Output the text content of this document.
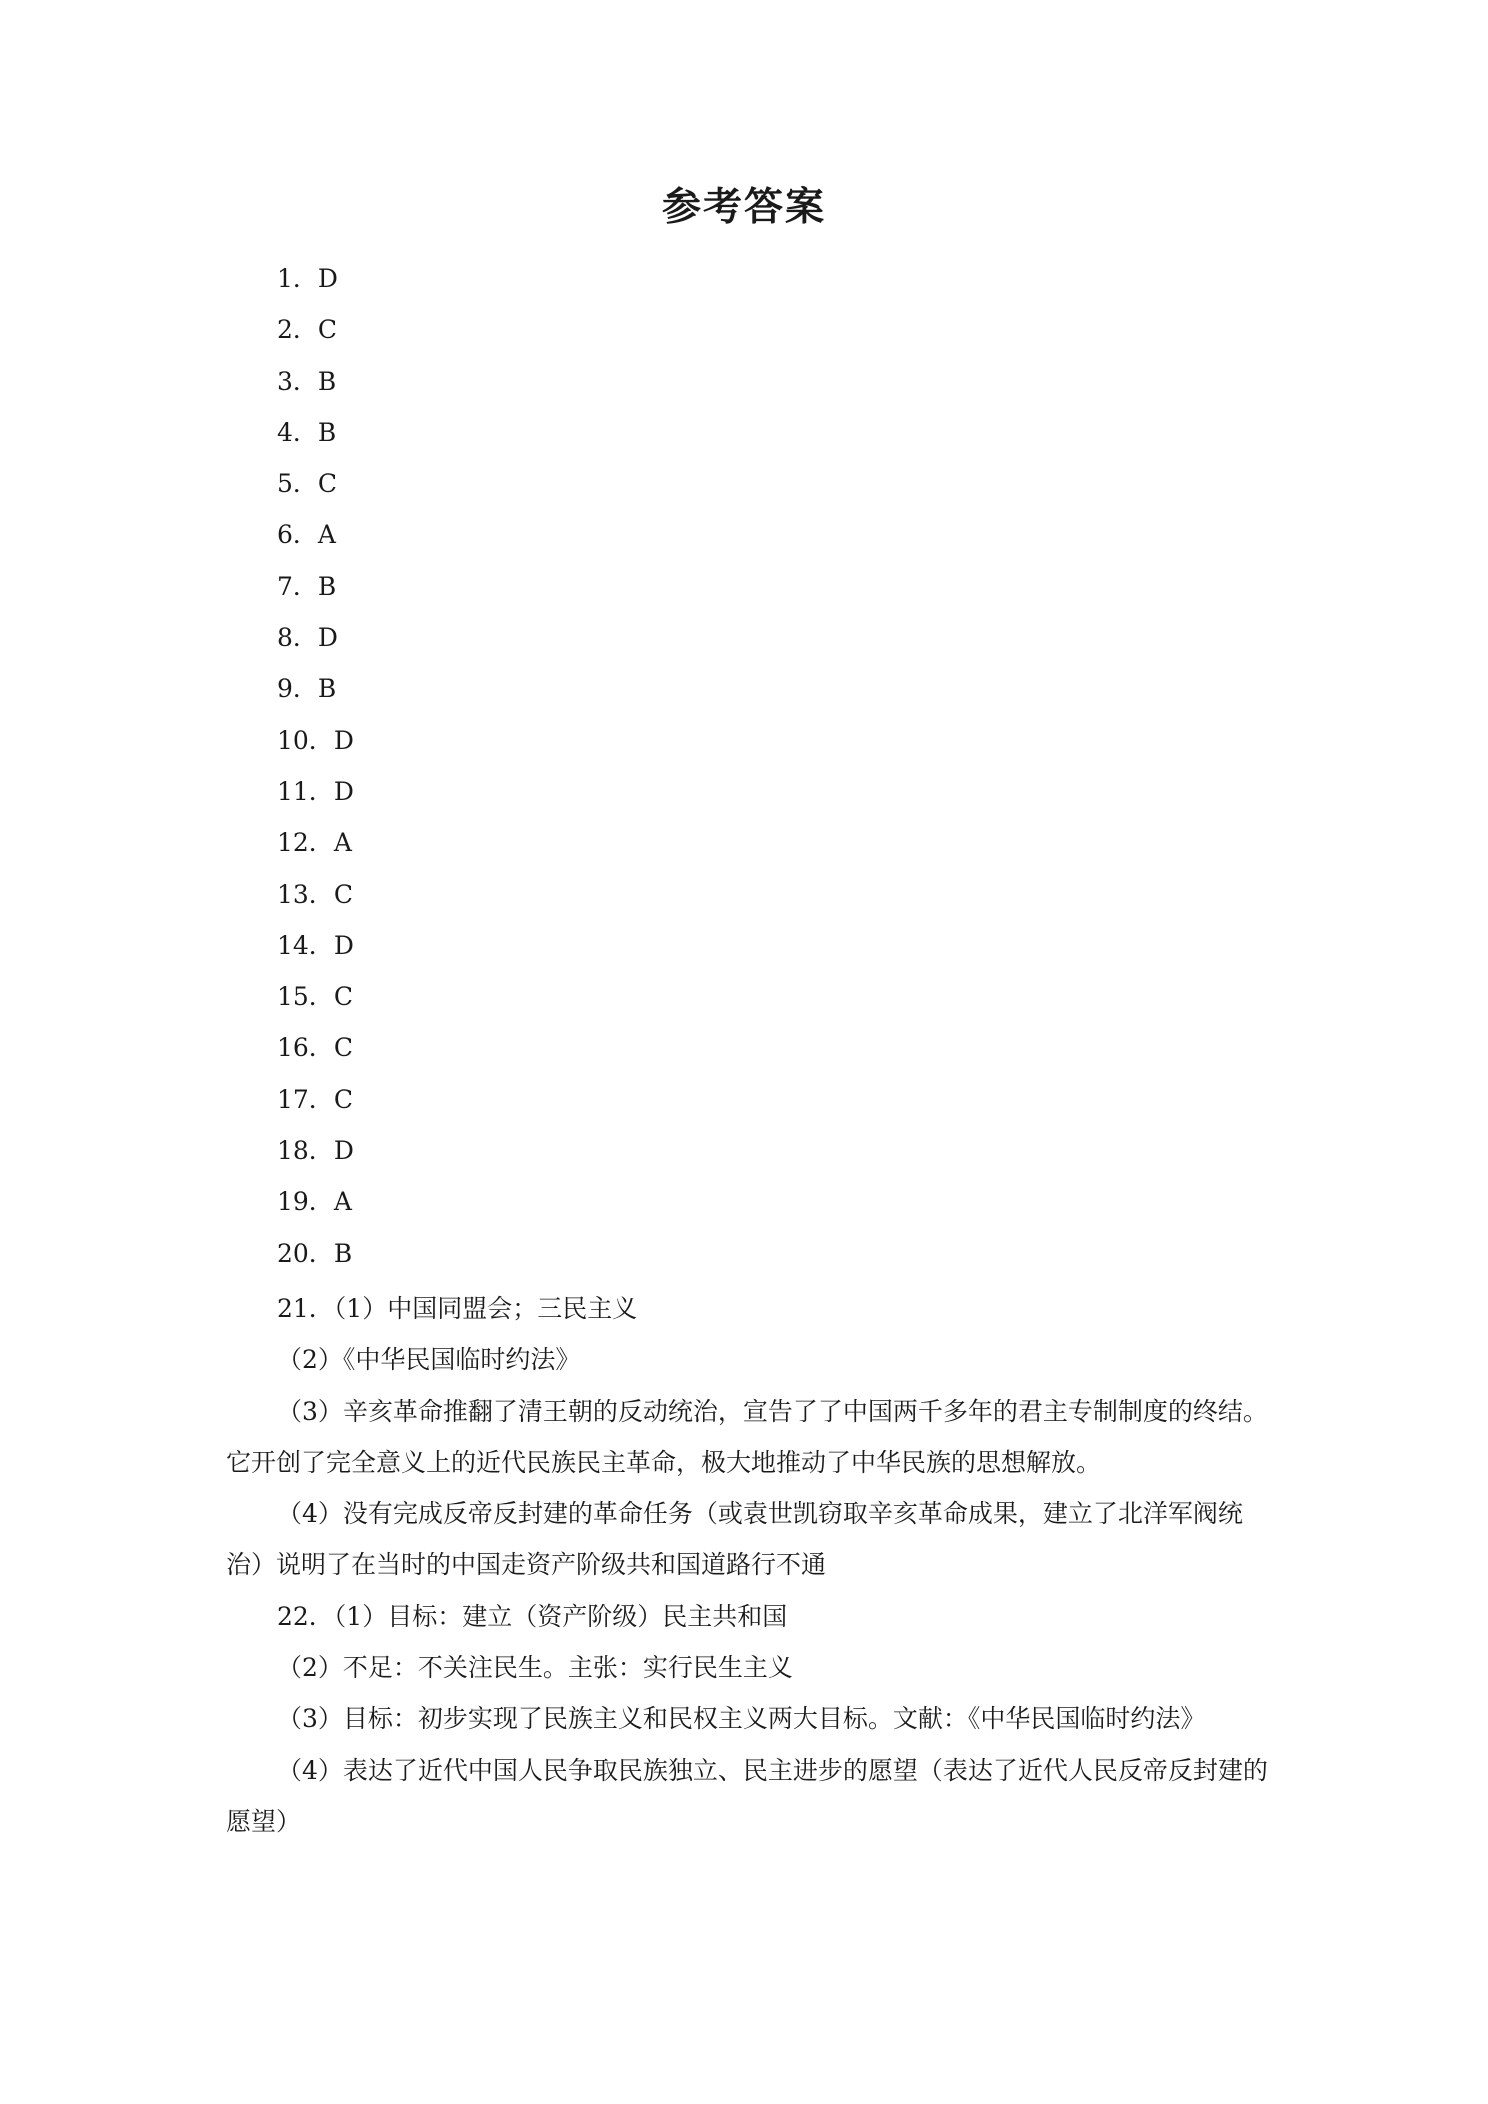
参考答案
1．D
2．C
3．B
4．B
5．C
6．A
7．B
8．D
9．B
10．D
11．D
12．A
13．C
14．D
15．C
16．C
17．C
18．D
19．A
20．B

21．（1）中国同盟会；三民主义

（2）《中华民国临时约法》

（3）辛亥革命推翻了清王朝的反动统治，宣告了了中国两千多年的君主专制制度的终结。它开创了完全意义上的近代民族民主革命，极大地推动了中华民族的思想解放。

（4）没有完成反帝反封建的革命任务（或袁世凯窃取辛亥革命成果，建立了北洋军阀统治）说明了在当时的中国走资产阶级共和国道路行不通

22．（1）目标：建立（资产阶级）民主共和国

（2）不足：不关注民生。主张：实行民生主义

（3）目标：初步实现了民族主义和民权主义两大目标。文献：《中华民国临时约法》

（4）表达了近代中国人民争取民族独立、民主进步的愿望（表达了近代人民反帝反封建的愿望）
